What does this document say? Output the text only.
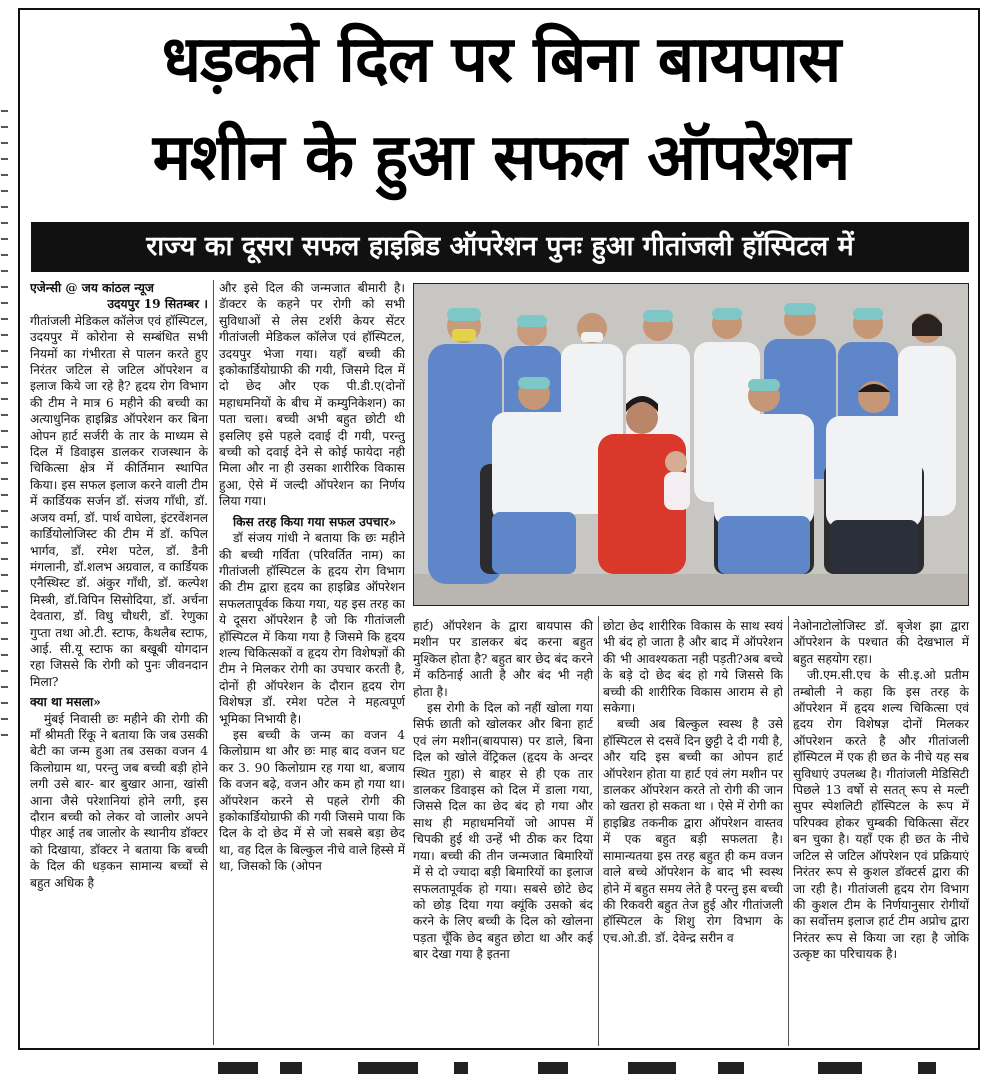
धड़कते दिल पर बिना बायपास
मशीन के हुआ सफल ऑपरेशन
राज्य का दूसरा सफल हाइब्रिड ऑपरेशन पुनः हुआ गीतांजली हॉस्पिटल में

एजेन्सी @ जय कांठल न्यूज

उदयपुर 19 सितम्बर ।

गीतांजली मेडिकल कॉलेज एवं हॉस्पिटल, उदयपुर में कोरोना से सम्बंधित सभी नियमों का गंभीरता से पालन करते हुए निरंतर जटिल से जटिल ऑपरेशन व इलाज किये जा रहे है? हृदय रोग विभाग की टीम ने मात्र 6 महीने की बच्ची का अत्याधुनिक हाइब्रिड ऑपरेशन कर बिना ओपन हार्ट सर्जरी के तार के माध्यम से दिल में डिवाइस डालकर राजस्थान के चिकित्सा क्षेत्र में कीर्तिमान स्थापित किया। इस सफल इलाज करने वाली टीम में कार्डियक सर्जन डॉ. संजय गाँधी, डॉ. अजय वर्मा, डॉ. पार्थ वाघेला, इंटरवेंशनल कार्डियोलोजिस्ट की टीम में डॉ. कपिल भार्गव, डॉ. रमेश पटेल, डॉ. डैनी मंगलानी, डॉ.शलभ अग्रवाल, व कार्डियक एनैस्थिस्ट डॉ. अंकुर गाँधी, डॉ. कल्पेश मिस्त्री, डॉ.विपिन सिसोदिया, डॉ. अर्चना देवतारा, डॉ. विधु चौधरी, डॉ. रेणुका गुप्ता तथा ओ.टी. स्टाफ, कैथलैब स्टाफ, आई. सी.यू स्टाफ का बखूबी योगदान रहा जिससे कि रोगी को पुनः जीवनदान मिला?

क्या था मसला»

मुंबई निवासी छः महीने की रोगी की माँ श्रीमती रिंकू ने बताया कि जब उसकी बेटी का जन्म हुआ तब उसका वजन 4 किलोग्राम था, परन्तु जब बच्ची बड़ी होने लगी उसे बार- बार बुखार आना, खांसी आना जैसे परेशानियां होने लगी, इस दौरान बच्ची को लेकर वो जालोर अपने पीहर आई तब जालोर के स्थानीय डॉक्टर को दिखाया, डॉक्टर ने बताया कि बच्ची के दिल की धड़कन सामान्य बच्चों से बहुत अधिक है

और इसे दिल की जन्मजात बीमारी है। डॅाक्टर के कहने पर रोगी को सभी सुविधाओं से लेस टर्शरी केयर सेंटर गीतांजली मेडिकल कॉलेज एवं हॉस्पिटल, उदयपुर भेजा गया। यहाँ बच्ची की इकोकार्डियोग्राफी की गयी, जिसमे दिल में दो छेद और एक पी.डी.ए(दोनों महाधमनियों के बीच में कम्युनिकेशन) का पता चला। बच्ची अभी बहुत छोटी थी इसलिए इसे पहले दवाई दी गयी, परन्तु बच्ची को दवाई देने से कोई फायेदा नही मिला और ना ही उसका शारीरिक विकास हुआ, ऐसे में जल्दी ऑपरेशन का निर्णय लिया गया।

किस तरह किया गया सफल उपचार»

डॉ संजय गांधी ने बताया कि छः महीने की बच्ची गर्विता (परिवर्तित नाम) का गीतांजली हॉस्पिटल के हृदय रोग विभाग की टीम द्वारा हृदय का हाइब्रिड ऑपरेशन सफलतापूर्वक किया गया, यह इस तरह का ये दूसरा ऑपरेशन है जो कि गीतांजली हॉस्पिटल में किया गया है जिसमे कि हृदय शल्य चिकित्सकों व हृदय रोग विशेषज्ञों की टीम ने मिलकर रोगी का उपचार करती है, दोनों ही ऑपरेशन के दौरान हृदय रोग विशेषज्ञ डॉ. रमेश पटेल ने महत्वपूर्ण भूमिका निभायी है।

इस बच्ची के जन्म का वजन 4 किलोग्राम था और छः माह बाद वजन घट कर 3. 90 किलोग्राम रह गया था, बजाय कि वजन बढ़े, वजन और कम हो गया था। ऑपरेशन करने से पहले रोगी की इकोकार्डियोग्राफी की गयी जिसमे पाया कि दिल के दो छेद में से जो सबसे बड़ा छेद था, वह दिल के बिल्कुल नीचे वाले हिस्से में था, जिसको कि (ओपन

हार्ट) ऑपरेशन के द्वारा बायपास की मशीन पर डालकर बंद करना बहुत मुश्किल होता है? बहुत बार छेद बंद करने में कठिनाई आती है और बंद भी नही होता है।

इस रोगी के दिल को नहीं खोला गया सिर्फ छाती को खोलकर और बिना हार्ट एवं लंग मशीन(बायपास) पर डाले, बिना दिल को खोले वेंट्रिकल (हृदय के अन्दर स्थित गुहा) से बाहर से ही एक तार डालकर डिवाइस को दिल में डाला गया, जिससे दिल का छेद बंद हो गया और साथ ही महाधमनियों जो आपस में चिपकी हुई थी उन्हें भी ठीक कर दिया गया। बच्ची की तीन जन्मजात बिमारियों में से दो ज्यादा बड़ी बिमारियों का इलाज सफलतापूर्वक हो गया। सबसे छोटे छेद को छोड़ दिया गया क्यूंकि उसको बंद करने के लिए बच्ची के दिल को खोलना पड़ता चूँकि छेद बहुत छोटा था और कई बार देखा गया है इतना

छोटा छेद शारीरिक विकास के साथ स्वयं भी बंद हो जाता है और बाद में ऑपरेशन की भी आवश्यकता नही पड़ती?अब बच्चे के बड़े दो छेद बंद हो गये जिससे कि बच्ची की शारीरिक विकास आराम से हो सकेगा।

बच्ची अब बिल्कुल स्वस्थ है उसे हॉस्पिटल से दसवें दिन छुट्टी दे दी गयी है, और यदि इस बच्ची का ओपन हार्ट ऑपरेशन होता या हार्ट एवं लंग मशीन पर डालकर ऑपरेशन करते तो रोगी की जान को खतरा हो सकता था । ऐसे में रोगी का हाइब्रिड तकनीक द्वारा ऑपरेशन वास्तव में एक बहुत बड़ी सफलता है। सामान्यतया इस तरह बहुत ही कम वजन वाले बच्चे ऑपरेशन के बाद भी स्वस्थ होने में बहुत समय लेते है परन्तु इस बच्ची की रिकवरी बहुत तेज हुई और गीतांजली हॉस्पिटल के शिशु रोग विभाग के एच.ओ.डी. डॉ. देवेन्द्र सरीन व

नेओनाटोलोजिस्ट डॉ. बृजेश झा द्वारा ऑपरेशन के पश्चात की देखभाल में बहुत सहयोग रहा।

जी.एम.सी.एच के सी.इ.ओ प्रतीम तम्बोली ने कहा कि इस तरह के ऑपरेशन में हृदय शल्य चिकित्सा एवं हृदय रोग विशेषज्ञ दोनों मिलकर ऑपरेशन करते है और गीतांजली हॉस्पिटल में एक ही छत के नीचे यह सब सुविधाएं उपलब्ध है। गीतांजली मेडिसिटी पिछले 13 वर्षो से सतत् रूप से मल्टी सुपर स्पेशलिटी हॉस्पिटल के रूप में परिपक्व होकर चुम्बकी चिकित्सा सेंटर बन चुका है। यहाँ एक ही छत के नीचे जटिल से जटिल ऑपरेशन एवं प्रक्रियाएं निरंतर रूप से कुशल डॉक्टर्स द्वारा की जा रही है। गीतांजली हृदय रोग विभाग की कुशल टीम के निर्णयानुसार रोगीयों का सर्वोत्तम इलाज हार्ट टीम अप्रोच द्वारा निरंतर रूप से किया जा रहा है जोकि उत्कृष्ट का परिचायक है।
